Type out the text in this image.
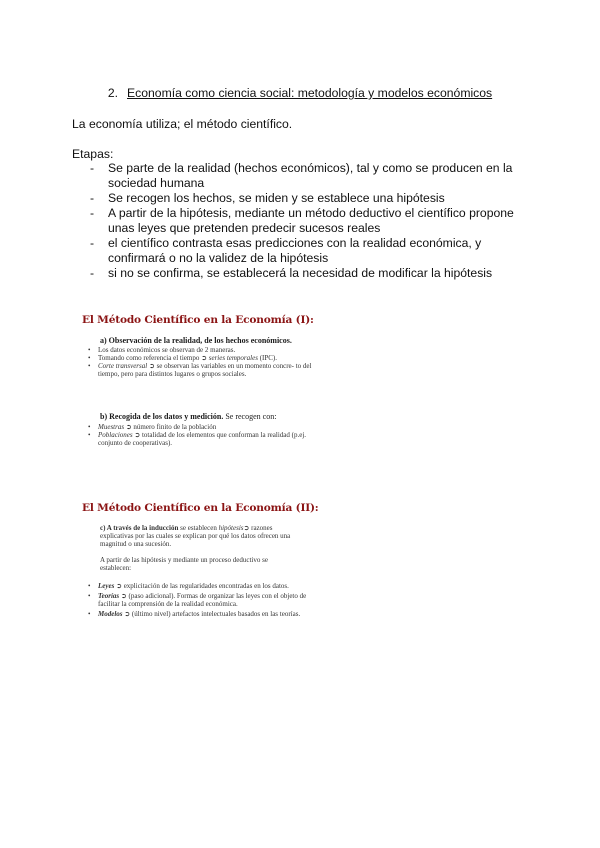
2. Economía como ciencia social: metodología y modelos económicos
La economía utiliza; el método científico.
Etapas:
- Se parte de la realidad (hechos económicos), tal y como se producen en la sociedad humana
- Se recogen los hechos, se miden y se establece una hipótesis
- A partir de la hipótesis, mediante un método deductivo el científico propone unas leyes que pretenden predecir sucesos reales
- el científico contrasta esas predicciones con la realidad económica, y confirmará o no la validez de la hipótesis
- si no se confirma, se establecerá la necesidad de modificar la hipótesis
El Método Científico en la Economía (I):
a) Observación de la realidad, de los hechos económicos.
• Los datos económicos se observan de 2 maneras.
• Tomando como referencia el tiempo ➲ series temporales (IPC).
• Corte transversal ➲ se observan las variables en un momento concre- to del tiempo, pero para distintos lugares o grupos sociales.
b) Recogida de los datos y medición. Se recogen con:
• Muestras ➲ número finito de la población
• Poblaciones ➲ totalidad de los elementos que conforman la realidad (p.ej. conjunto de cooperativas).
El Método Científico en la Economía (II):
c) A través de la inducción se establecen hipótesis➲ razones explicativas por las cuales se explican por qué los datos ofrecen una magnitud o una sucesión.
A partir de las hipótesis y mediante un proceso deductivo se establecen:
• Leyes ➲ explicitación de las regularidades encontradas en los datos.
• Teorías ➲ (paso adicional). Formas de organizar las leyes con el objeto de facilitar la comprensión de la realidad económica.
• Modelos ➲ (último nivel) artefactos intelectuales basados en las teorías.
